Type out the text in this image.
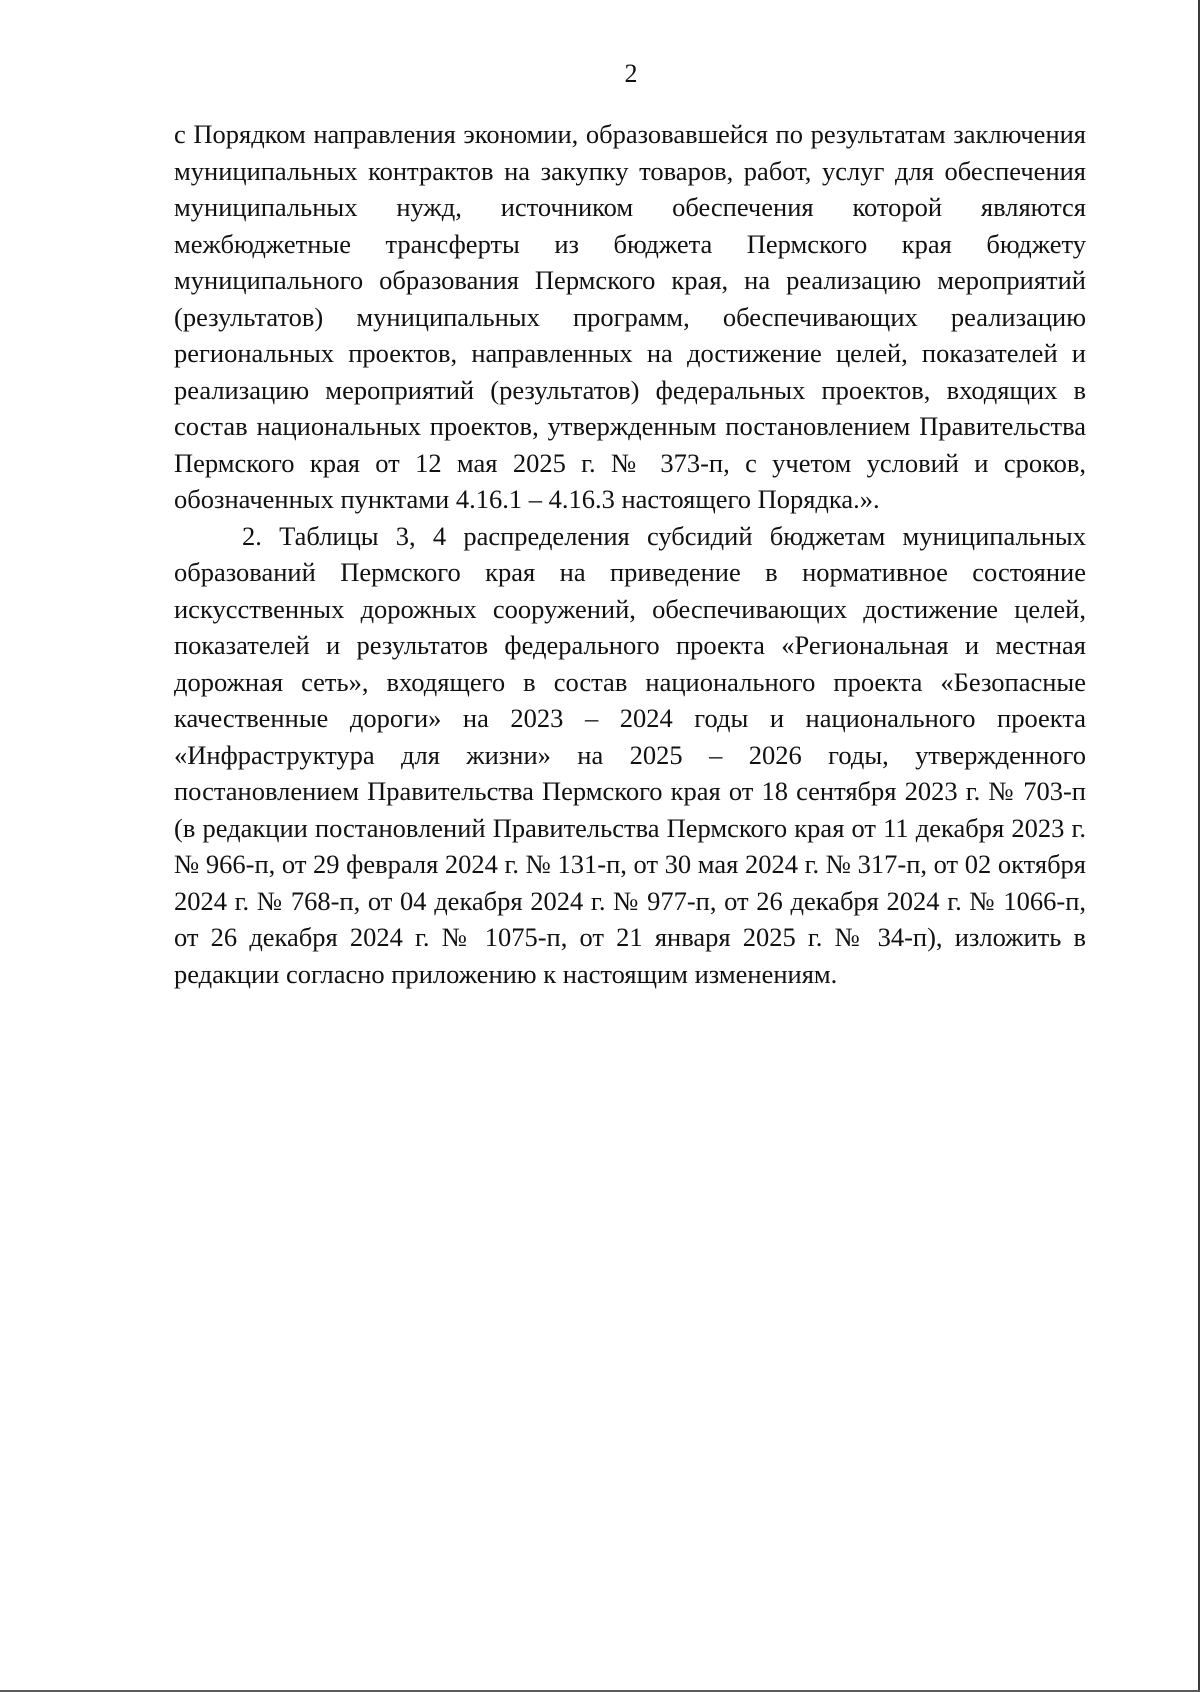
2

с Порядком направления экономии, образовавшейся по результатам заключения муниципальных контрактов на закупку товаров, работ, услуг для обеспечения муниципальных нужд, источником обеспечения которой являются межбюджетные трансферты из бюджета Пермского края бюджету муниципального образования Пермского края, на реализацию мероприятий (результатов) муниципальных программ, обеспечивающих реализацию региональных проектов, направленных на достижение целей, показателей и реализацию мероприятий (результатов) федеральных проектов, входящих в состав национальных проектов, утвержденным постановлением Правительства Пермского края от 12 мая 2025 г. № 373-п, с учетом условий и сроков, обозначенных пунктами 4.16.1 – 4.16.3 настоящего Порядка.».

2. Таблицы 3, 4 распределения субсидий бюджетам муниципальных образований Пермского края на приведение в нормативное состояние искусственных дорожных сооружений, обеспечивающих достижение целей, показателей и результатов федерального проекта «Региональная и местная дорожная сеть», входящего в состав национального проекта «Безопасные качественные дороги» на 2023 – 2024 годы и национального проекта «Инфраструктура для жизни» на 2025 – 2026 годы, утвержденного постановлением Правительства Пермского края от 18 сентября 2023 г. № 703-п (в редакции постановлений Правительства Пермского края от 11 декабря 2023 г. № 966-п, от 29 февраля 2024 г. № 131-п, от 30 мая 2024 г. № 317-п, от 02 октября 2024 г. № 768-п, от 04 декабря 2024 г. № 977-п, от 26 декабря 2024 г. № 1066-п, от 26 декабря 2024 г. № 1075-п, от 21 января 2025 г. № 34-п), изложить в редакции согласно приложению к настоящим изменениям.
